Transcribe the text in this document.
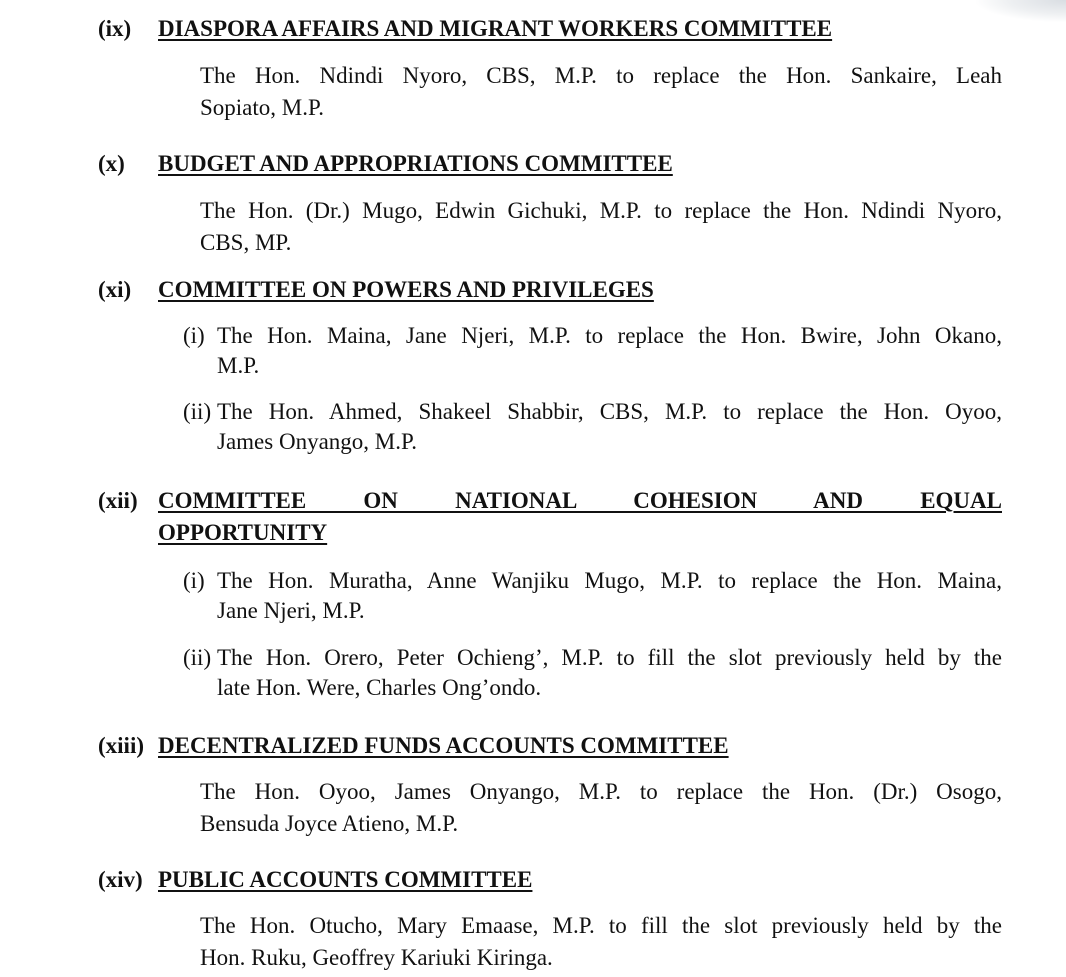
(ix) DIASPORA AFFAIRS AND MIGRANT WORKERS COMMITTEE
The Hon. Ndindi Nyoro, CBS, M.P. to replace the Hon. Sankaire, Leah
Sopiato, M.P.
(x) BUDGET AND APPROPRIATIONS COMMITTEE
The Hon. (Dr.) Mugo, Edwin Gichuki, M.P. to replace the Hon. Ndindi Nyoro,
CBS, MP.
(xi) COMMITTEE ON POWERS AND PRIVILEGES
(i) The Hon. Maina, Jane Njeri, M.P. to replace the Hon. Bwire, John Okano,
M.P.
(ii) The Hon. Ahmed, Shakeel Shabbir, CBS, M.P. to replace the Hon. Oyoo,
James Onyango, M.P.
(xii) COMMITTEE ON NATIONAL COHESION AND EQUAL
OPPORTUNITY
(i) The Hon. Muratha, Anne Wanjiku Mugo, M.P. to replace the Hon. Maina,
Jane Njeri, M.P.
(ii) The Hon. Orero, Peter Ochieng’, M.P. to fill the slot previously held by the
late Hon. Were, Charles Ong’ondo.
(xiii) DECENTRALIZED FUNDS ACCOUNTS COMMITTEE
The Hon. Oyoo, James Onyango, M.P. to replace the Hon. (Dr.) Osogo,
Bensuda Joyce Atieno, M.P.
(xiv) PUBLIC ACCOUNTS COMMITTEE
The Hon. Otucho, Mary Emaase, M.P. to fill the slot previously held by the
Hon. Ruku, Geoffrey Kariuki Kiringa.
